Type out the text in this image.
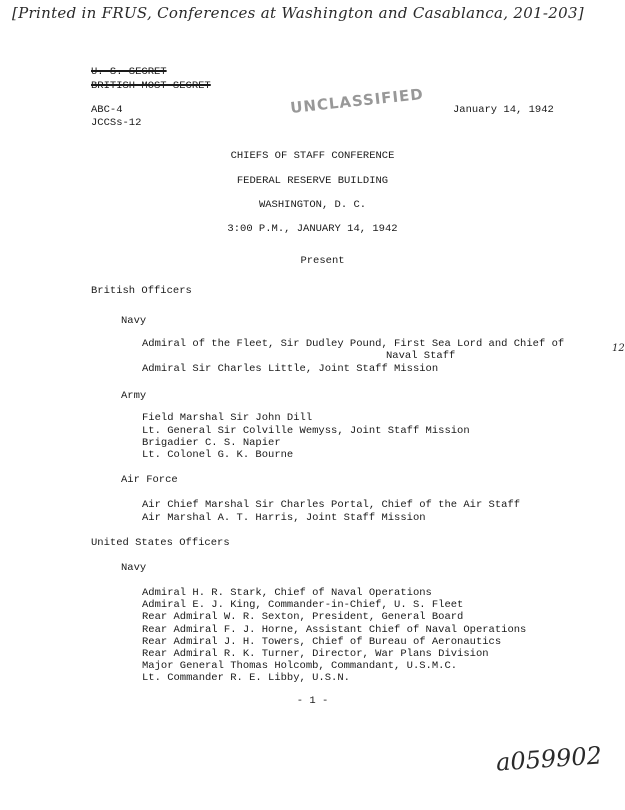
[Printed in FRUS, Conferences at Washington and Casablanca, 201-203]
U. S. SECRET
BRITISH MOST SECRET	UNCLASSIFIED
ABC-4
JCCSs-12
January 14, 1942
CHIEFS OF STAFF CONFERENCE
FEDERAL RESERVE BUILDING
WASHINGTON, D. C.
3:00 P.M., JANUARY 14, 1942
Present
12
British Officers
Navy
Admiral of the Fleet, Sir Dudley Pound, First Sea Lord and Chief of
Naval Staff
Admiral Sir Charles Little, Joint Staff Mission
Army
Field Marshal Sir John Dill
Lt. General Sir Colville Wemyss, Joint Staff Mission
Brigadier C. S. Napier
Lt. Colonel G. K. Bourne
Air Force
Air Chief Marshal Sir Charles Portal, Chief of the Air Staff
Air Marshal A. T. Harris, Joint Staff Mission
United States Officers
Navy
Admiral H. R. Stark, Chief of Naval Operations
Admiral E. J. King, Commander-in-Chief, U. S. Fleet
Rear Admiral W. R. Sexton, President, General Board
Rear Admiral F. J. Horne, Assistant Chief of Naval Operations
Rear Admiral J. H. Towers, Chief of Bureau of Aeronautics
Rear Admiral R. K. Turner, Director, War Plans Division
Major General Thomas Holcomb, Commandant, U.S.M.C.
Lt. Commander R. E. Libby, U.S.N.
- 1 -
a059902
